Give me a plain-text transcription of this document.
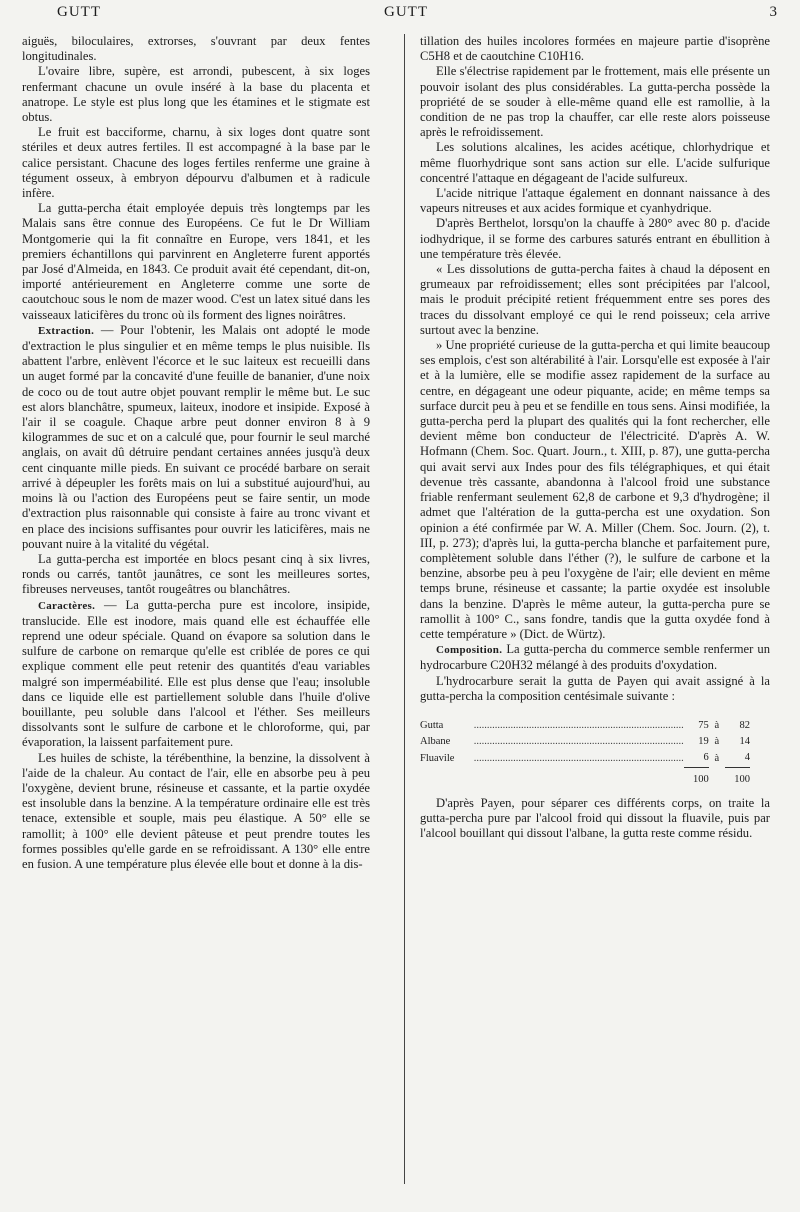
GUTT	GUTT	3

aiguës, biloculaires, extrorses, s'ouvrant par deux fentes longitudinales.

L'ovaire libre, supère, est arrondi, pubescent, à six loges renfermant chacune un ovule inséré à la base du placenta et anatrope. Le style est plus long que les étamines et le stigmate est obtus.

Le fruit est bacciforme, charnu, à six loges dont quatre sont stériles et deux autres fertiles. Il est accompagné à la base par le calice persistant. Chacune des loges fertiles renferme une graine à tégument osseux, à embryon dépourvu d'albumen et à radicule infère.

La gutta-percha était employée depuis très longtemps par les Malais sans être connue des Européens. Ce fut le Dr William Montgomerie qui la fit connaître en Europe, vers 1841, et les premiers échantillons qui parvinrent en Angleterre furent apportés par José d'Almeida, en 1843. Ce produit avait été cependant, dit-on, importé antérieurement en Angleterre comme une sorte de caoutchouc sous le nom de mazer wood. C'est un latex situé dans les vaisseaux laticifères du tronc où ils forment des lignes noirâtres.

Extraction. — Pour l'obtenir, les Malais ont adopté le mode d'extraction le plus singulier et en même temps le plus nuisible. Ils abattent l'arbre, enlèvent l'écorce et le suc laiteux est recueilli dans un auget formé par la concavité d'une feuille de bananier, d'une noix de coco ou de tout autre objet pouvant remplir le même but. Le suc est alors blanchâtre, spumeux, laiteux, inodore et insipide. Exposé à l'air il se coagule. Chaque arbre peut donner environ 8 à 9 kilogrammes de suc et on a calculé que, pour fournir le seul marché anglais, on avait dû détruire pendant certaines années jusqu'à deux cent cinquante mille pieds. En suivant ce procédé barbare on serait arrivé à dépeupler les forêts mais on lui a substitué aujourd'hui, au moins là ou l'action des Européens peut se faire sentir, un mode d'extraction plus raisonnable qui consiste à faire au tronc vivant et en place des incisions suffisantes pour ouvrir les laticifères, mais ne pouvant nuire à la vitalité du végétal.

La gutta-percha est importée en blocs pesant cinq à six livres, ronds ou carrés, tantôt jaunâtres, ce sont les meilleures sortes, fibreuses nerveuses, tantôt rougeâtres ou blanchâtres.

Caractères. — La gutta-percha pure est incolore, insipide, translucide. Elle est inodore, mais quand elle est échauffée elle reprend une odeur spéciale. Quand on évapore sa solution dans le sulfure de carbone on remarque qu'elle est criblée de pores ce qui explique comment elle peut retenir des quantités d'eau variables malgré son imperméabilité. Elle est plus dense que l'eau; insoluble dans ce liquide elle est partiellement soluble dans l'huile d'olive bouillante, peu soluble dans l'alcool et l'éther. Ses meilleurs dissolvants sont le sulfure de carbone et le chloroforme, qui, par évaporation, la laissent parfaitement pure.

Les huiles de schiste, la térébenthine, la benzine, la dissolvent à l'aide de la chaleur. Au contact de l'air, elle en absorbe peu à peu l'oxygène, devient brune, résineuse et cassante, et la partie oxydée est insoluble dans la benzine. A la température ordinaire elle est très tenace, extensible et souple, mais peu élastique. A 50° elle se ramollit; à 100° elle devient pâteuse et peut prendre toutes les formes possibles qu'elle garde en se refroidissant. A 130° elle entre en fusion. A une température plus élevée elle bout et donne à la dis-

tillation des huiles incolores formées en majeure partie d'isoprène C5H8 et de caoutchine C10H16.

Elle s'électrise rapidement par le frottement, mais elle présente un pouvoir isolant des plus considérables. La gutta-percha possède la propriété de se souder à elle-même quand elle est ramollie, à la condition de ne pas trop la chauffer, car elle reste alors poisseuse après le refroidissement.

Les solutions alcalines, les acides acétique, chlorhydrique et même fluorhydrique sont sans action sur elle. L'acide sulfurique concentré l'attaque en dégageant de l'acide sulfureux.

L'acide nitrique l'attaque également en donnant naissance à des vapeurs nitreuses et aux acides formique et cyanhydrique.

D'après Berthelot, lorsqu'on la chauffe à 280° avec 80 p. d'acide iodhydrique, il se forme des carbures saturés entrant en ébullition à une température très élevée.

« Les dissolutions de gutta-percha faites à chaud la déposent en grumeaux par refroidissement; elles sont précipitées par l'alcool, mais le produit précipité retient fréquemment entre ses pores des traces du dissolvant employé ce qui le rend poisseux; cela arrive surtout avec la benzine.

» Une propriété curieuse de la gutta-percha et qui limite beaucoup ses emplois, c'est son altérabilité à l'air. Lorsqu'elle est exposée à l'air et à la lumière, elle se modifie assez rapidement de la surface au centre, en dégageant une odeur piquante, acide; en même temps sa surface durcit peu à peu et se fendille en tous sens. Ainsi modifiée, la gutta-percha perd la plupart des qualités qui la font rechercher, elle devient même bon conducteur de l'électricité. D'après A. W. Hofmann (Chem. Soc. Quart. Journ., t. XIII, p. 87), une gutta-percha qui avait servi aux Indes pour des fils télégraphiques, et qui était devenue très cassante, abandonna à l'alcool froid une substance friable renfermant seulement 62,8 de carbone et 9,3 d'hydrogène; il admet que l'altération de la gutta-percha est une oxydation. Son opinion a été confirmée par W. A. Miller (Chem. Soc. Journ. (2), t. III, p. 273); d'après lui, la gutta-percha blanche et parfaitement pure, complètement soluble dans l'éther (?), le sulfure de carbone et la benzine, absorbe peu à peu l'oxygène de l'air; elle devient en même temps brune, résineuse et cassante; la partie oxydée est insoluble dans la benzine. D'après le même auteur, la gutta-percha pure se ramollit à 100° C., sans fondre, tandis que la gutta oxydée fond à cette température » (Dict. de Würtz).

Composition. La gutta-percha du commerce semble renfermer un hydrocarbure C20H32 mélangé à des produits d'oxydation.

L'hydrocarbure serait la gutta de Payen qui avait assigné à la gutta-percha la composition centésimale suivante :

Gutta	................................................................................	75	à	82
Albane	................................................................................	19	à	14
Fluavile	................................................................................	6	à	4
		100		100

D'après Payen, pour séparer ces différents corps, on traite la gutta-percha pure par l'alcool froid qui dissout la fluavile, puis par l'alcool bouillant qui dissout l'albane, la gutta reste comme résidu.
